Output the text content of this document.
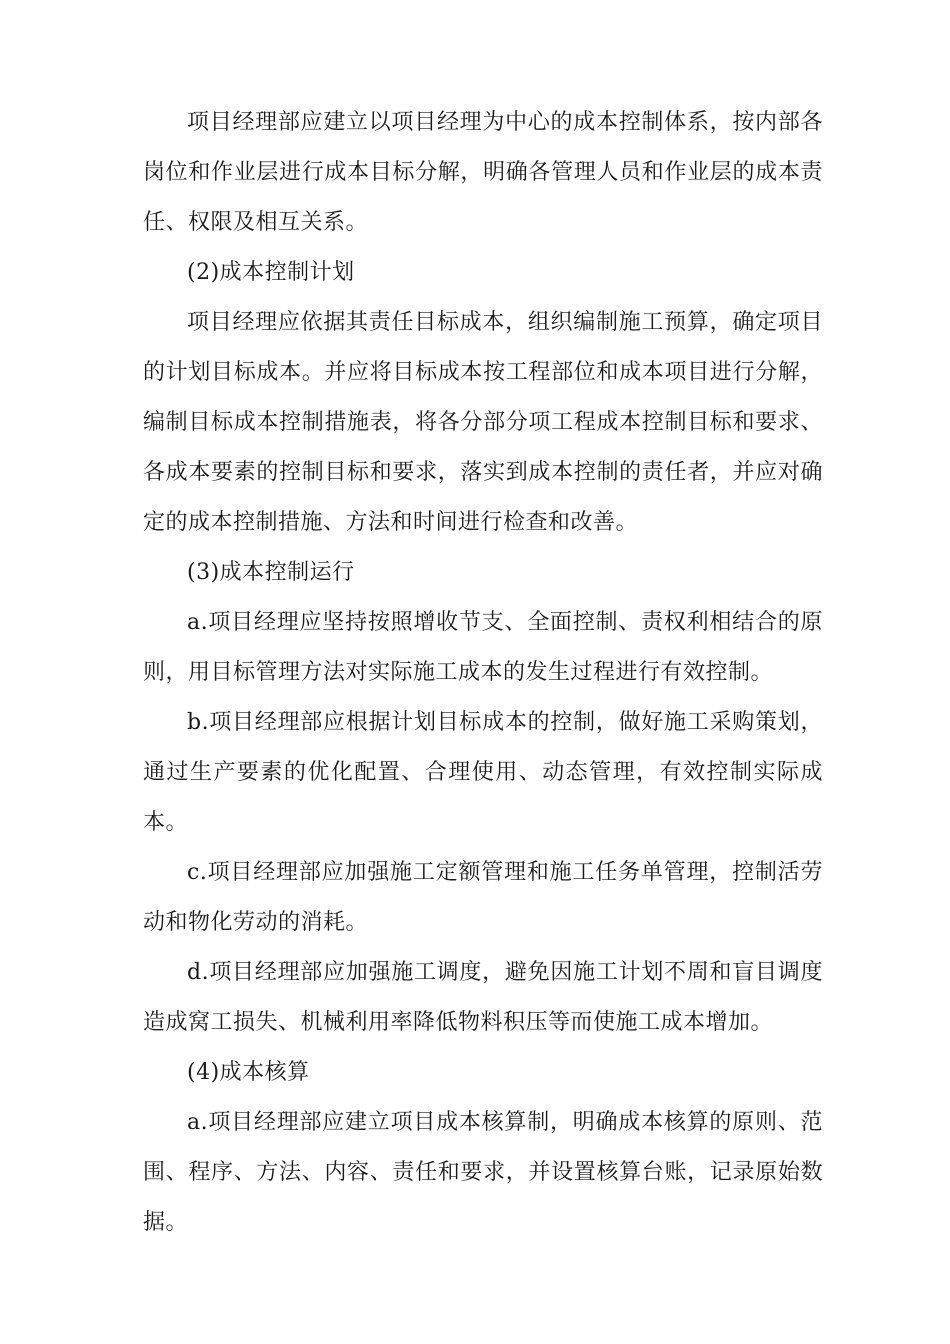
项目经理部应建立以项目经理为中心的成本控制体系，按内部各岗位和作业层进行成本目标分解，明确各管理人员和作业层的成本责任、权限及相互关系。

(2)成本控制计划

项目经理应依据其责任目标成本，组织编制施工预算，确定项目的计划目标成本。并应将目标成本按工程部位和成本项目进行分解，编制目标成本控制措施表，将各分部分项工程成本控制目标和要求、各成本要素的控制目标和要求，落实到成本控制的责任者，并应对确定的成本控制措施、方法和时间进行检查和改善。

(3)成本控制运行

a.项目经理应坚持按照增收节支、全面控制、责权利相结合的原则，用目标管理方法对实际施工成本的发生过程进行有效控制。

b.项目经理部应根据计划目标成本的控制，做好施工采购策划，通过生产要素的优化配置、合理使用、动态管理，有效控制实际成本。

c.项目经理部应加强施工定额管理和施工任务单管理，控制活劳动和物化劳动的消耗。

d.项目经理部应加强施工调度，避免因施工计划不周和盲目调度造成窝工损失、机械利用率降低物料积压等而使施工成本增加。

(4)成本核算

a.项目经理部应建立项目成本核算制，明确成本核算的原则、范围、程序、方法、内容、责任和要求，并设置核算台账，记录原始数据。
